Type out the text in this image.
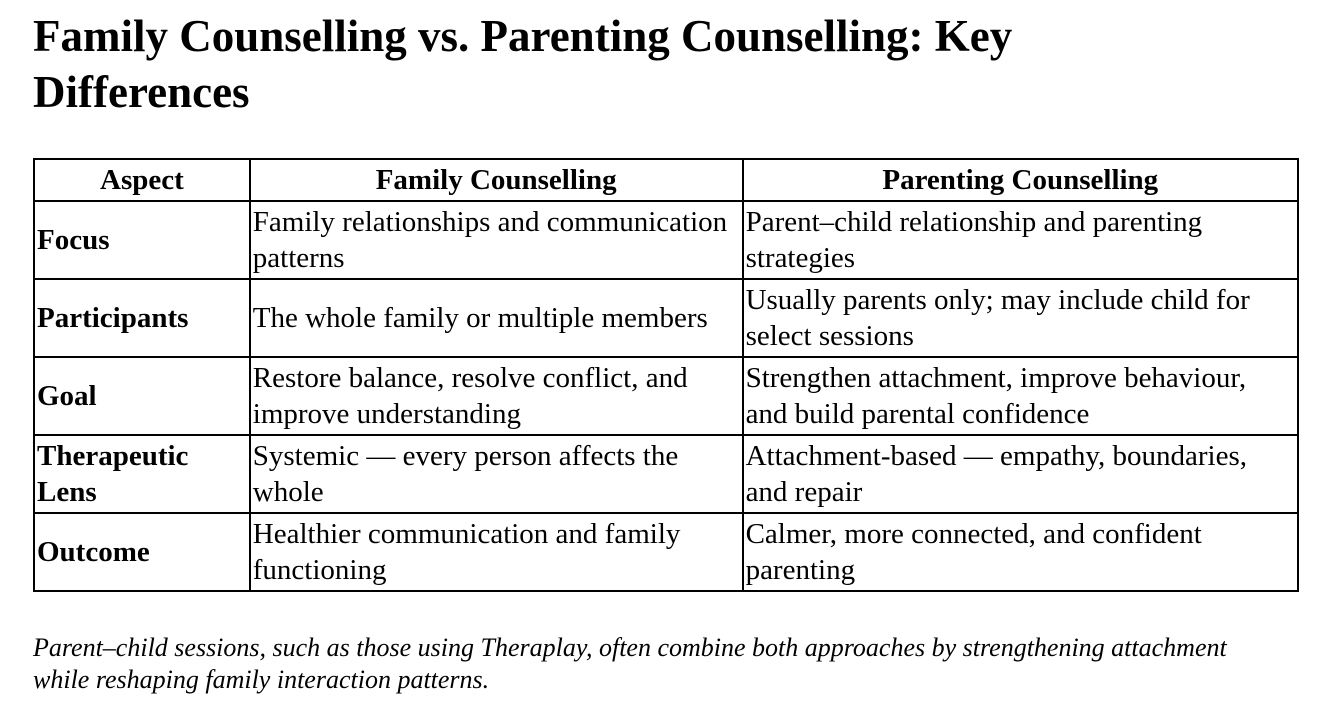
Family Counselling vs. Parenting Counselling: Key Differences
Aspect	Family Counselling	Parenting Counselling
Focus	Family relationships and communication patterns	Parent–child relationship and parenting strategies
Participants	The whole family or multiple members	Usually parents only; may include child for select sessions
Goal	Restore balance, resolve conflict, and improve understanding	Strengthen attachment, improve behaviour, and build parental confidence
Therapeutic Lens	Systemic — every person affects the whole	Attachment-based — empathy, boundaries, and repair
Outcome	Healthier communication and family functioning	Calmer, more connected, and confident parenting

Parent–child sessions, such as those using Theraplay, often combine both approaches by strengthening attachment while reshaping family interaction patterns.
